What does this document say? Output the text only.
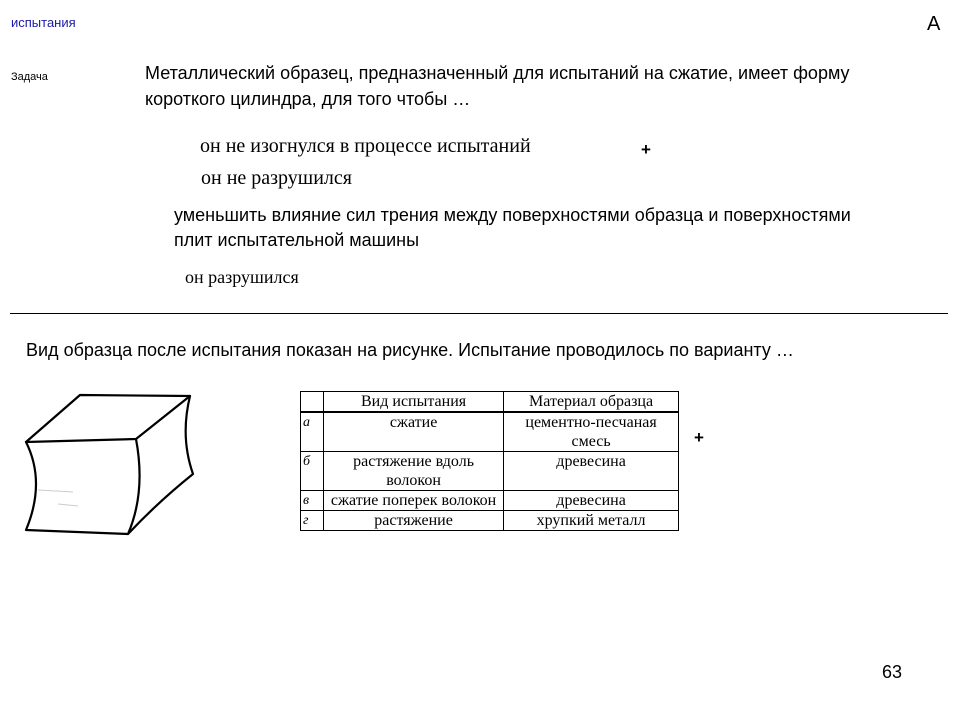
испытания	А
Задача	Металлический образец, предназначенный для испытаний на сжатие, имеет форму короткого цилиндра, для того чтобы …
он не изогнулся в процессе испытаний	+
он не разрушился
уменьшить влияние сил трения между поверхностями образца и поверхностями плит испытательной машины
он разрушился
Вид образца после испытания показан на рисунке. Испытание проводилось по варианту …
	Вид испытания	Материал образца
а	сжатие	цементно-песчаная смесь
б	растяжение вдоль волокон	древесина
в	сжатие поперек волокон	древесина
г	растяжение	хрупкий металл
+
63
